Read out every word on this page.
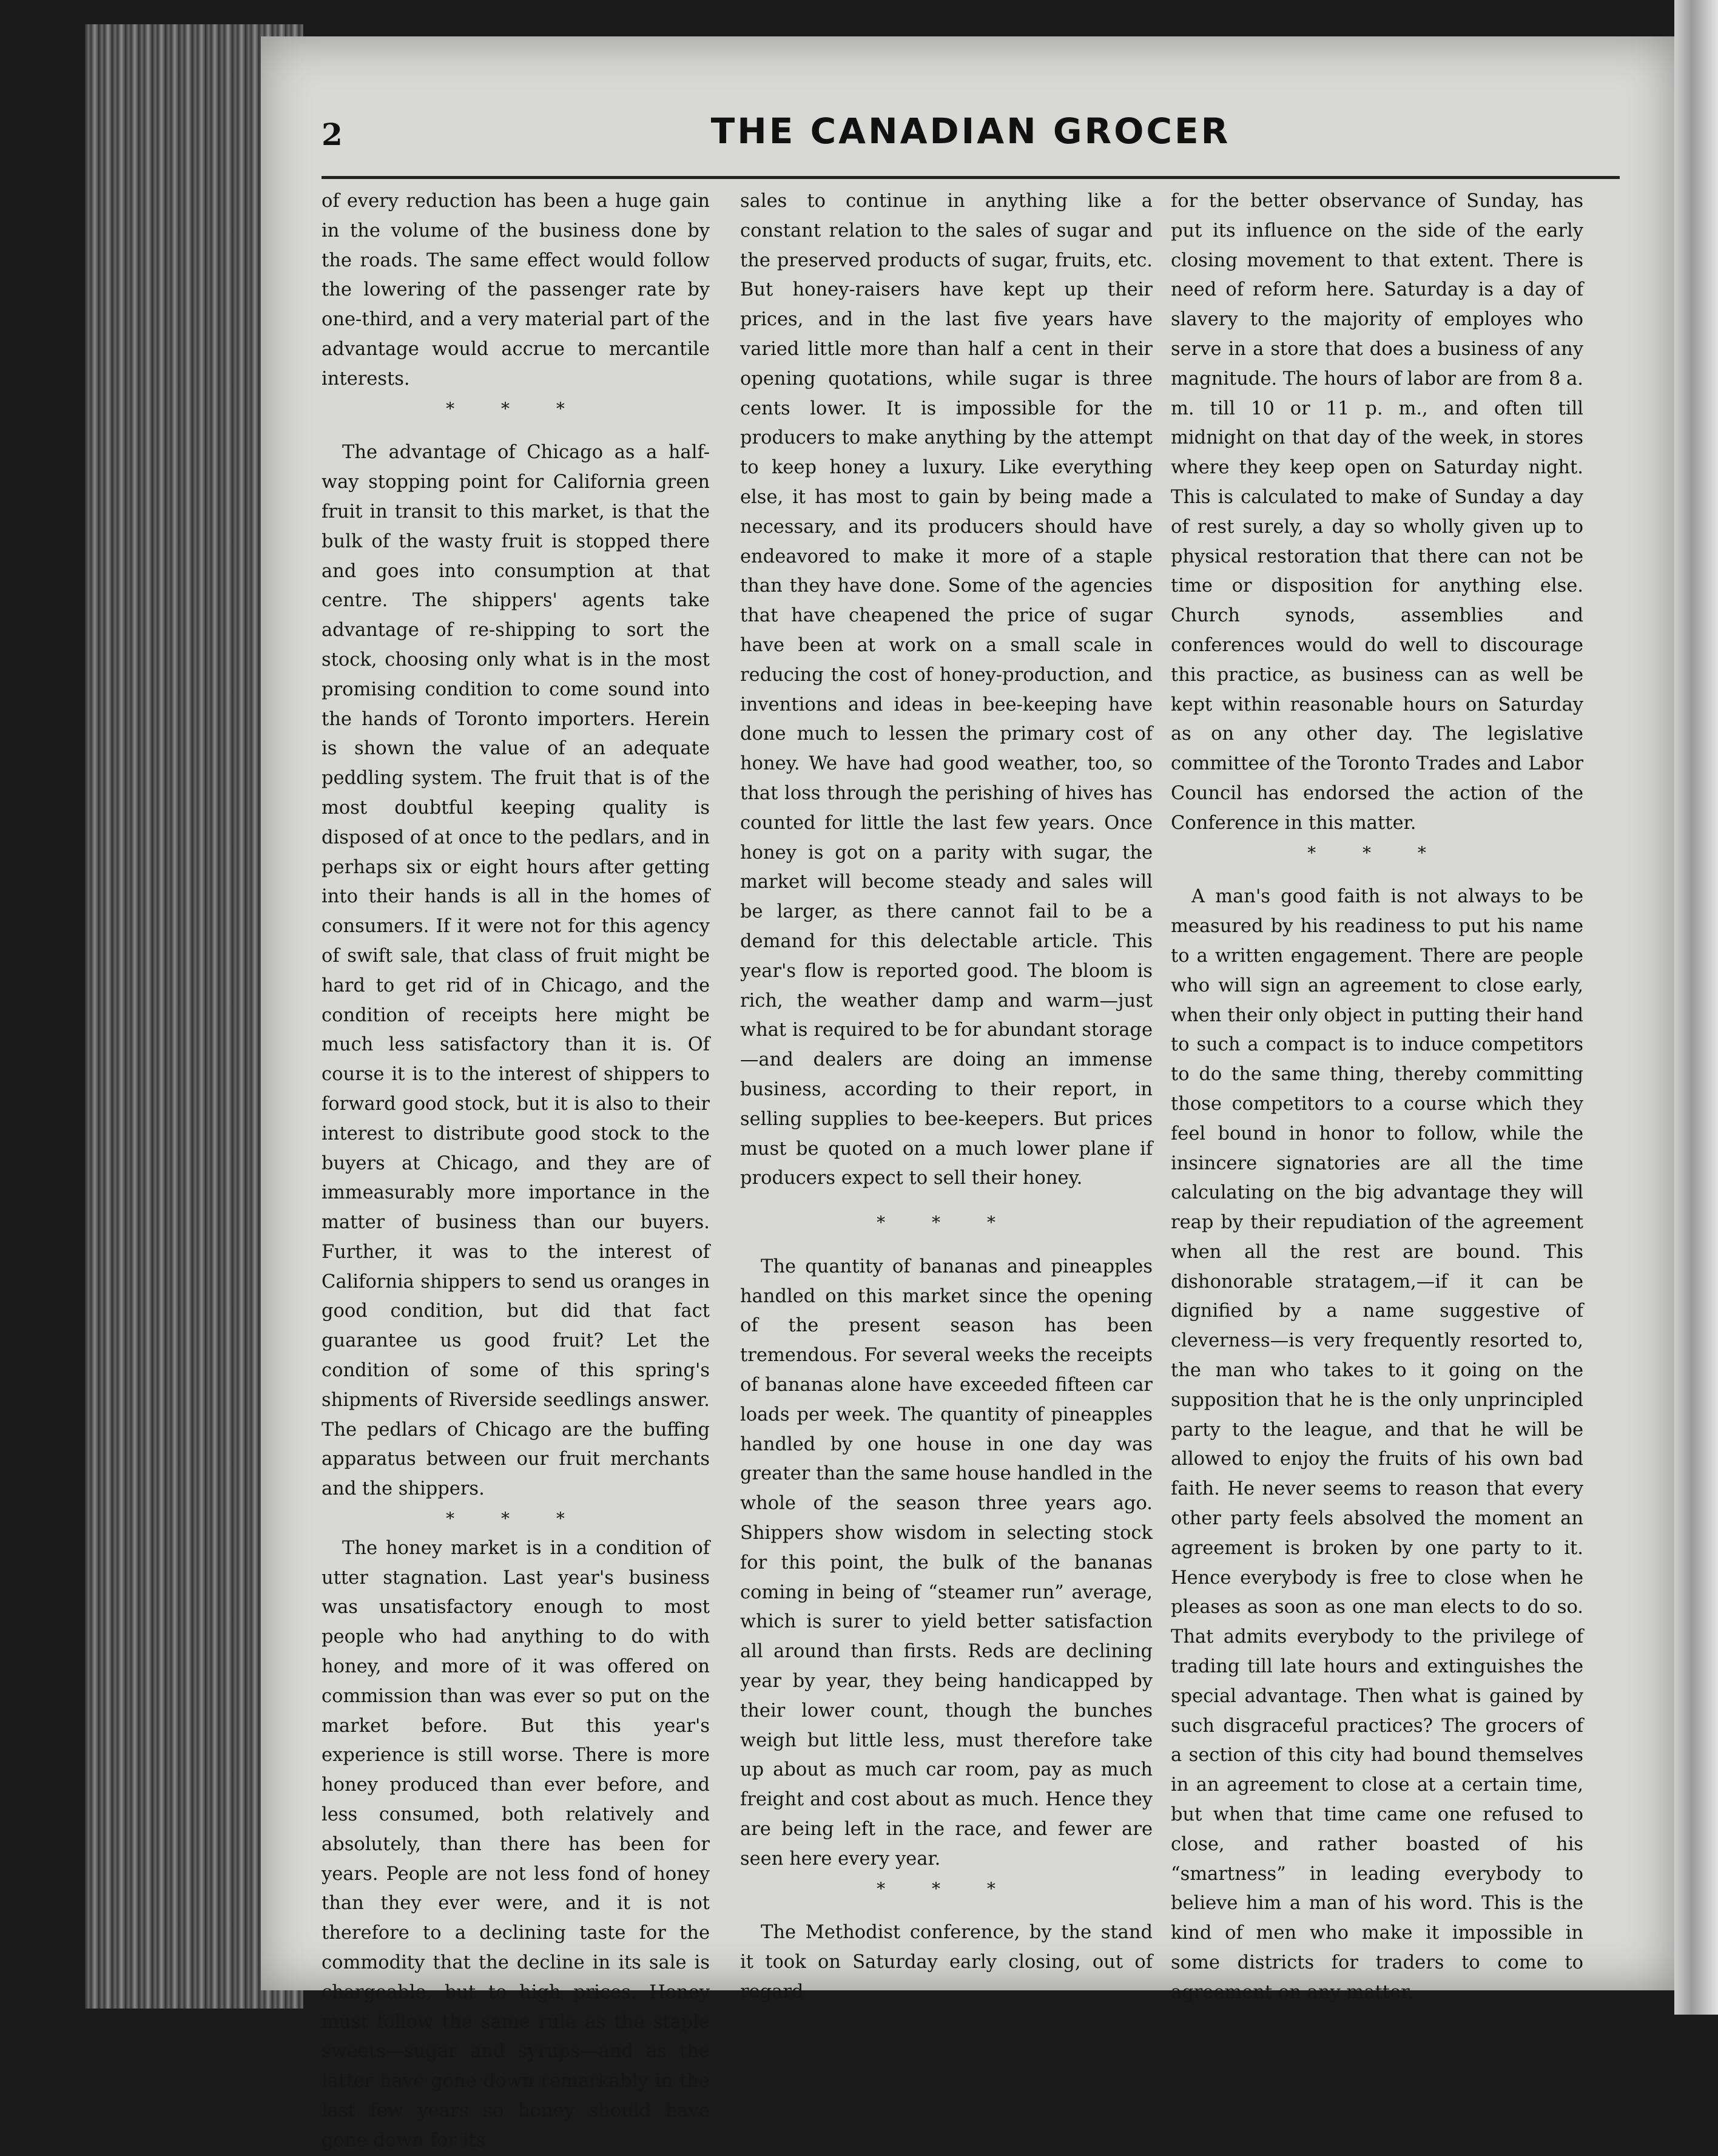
2	THE CANADIAN GROCER

of every reduction has been a huge gain in the volume of the business done by the roads. The same effect would follow the lowering of the passenger rate by one-third, and a very material part of the advantage would accrue to mercantile interests.

* * *

The advantage of Chicago as a half-way stopping point for California green fruit in transit to this market, is that the bulk of the wasty fruit is stopped there and goes into consumption at that centre. The shippers' agents take advantage of re-shipping to sort the stock, choosing only what is in the most promising condition to come sound into the hands of Toronto importers. Herein is shown the value of an adequate peddling system. The fruit that is of the most doubtful keeping quality is disposed of at once to the pedlars, and in perhaps six or eight hours after getting into their hands is all in the homes of consumers. If it were not for this agency of swift sale, that class of fruit might be hard to get rid of in Chicago, and the condition of receipts here might be much less satisfactory than it is. Of course it is to the interest of shippers to forward good stock, but it is also to their interest to distribute good stock to the buyers at Chicago, and they are of immeasurably more importance in the matter of business than our buyers. Further, it was to the interest of California shippers to send us oranges in good condition, but did that fact guarantee us good fruit? Let the condition of some of this spring's shipments of Riverside seedlings answer. The pedlars of Chicago are the buffing apparatus between our fruit merchants and the shippers.

* * *

The honey market is in a condition of utter stagnation. Last year's business was unsatisfactory enough to most people who had anything to do with honey, and more of it was offered on commission than was ever so put on the market before. But this year's experience is still worse. There is more honey produced than ever before, and less consumed, both relatively and absolutely, than there has been for years. People are not less fond of honey than they ever were, and it is not therefore to a declining taste for the commodity that the decline in its sale is chargeable, but to high prices. Honey must follow the same rule as the staple sweets—sugar and syrups—and as the latter have gone down remarkably in the last few years so honey should have gone down for its

sales to continue in anything like a constant relation to the sales of sugar and the preserved products of sugar, fruits, etc. But honey-raisers have kept up their prices, and in the last five years have varied little more than half a cent in their opening quotations, while sugar is three cents lower. It is impossible for the producers to make anything by the attempt to keep honey a luxury. Like everything else, it has most to gain by being made a necessary, and its producers should have endeavored to make it more of a staple than they have done. Some of the agencies that have cheapened the price of sugar have been at work on a small scale in reducing the cost of honey-production, and inventions and ideas in bee-keeping have done much to lessen the primary cost of honey. We have had good weather, too, so that loss through the perishing of hives has counted for little the last few years. Once honey is got on a parity with sugar, the market will become steady and sales will be larger, as there cannot fail to be a demand for this delectable article. This year's flow is reported good. The bloom is rich, the weather damp and warm—just what is required to be for abundant storage—and dealers are doing an immense business, according to their report, in selling supplies to bee-keepers. But prices must be quoted on a much lower plane if producers expect to sell their honey.

* * *

The quantity of bananas and pineapples handled on this market since the opening of the present season has been tremendous. For several weeks the receipts of bananas alone have exceeded fifteen car loads per week. The quantity of pineapples handled by one house in one day was greater than the same house handled in the whole of the season three years ago. Shippers show wisdom in selecting stock for this point, the bulk of the bananas coming in being of “steamer run” average, which is surer to yield better satisfaction all around than firsts. Reds are declining year by year, they being handicapped by their lower count, though the bunches weigh but little less, must therefore take up about as much car room, pay as much freight and cost about as much. Hence they are being left in the race, and fewer are seen here every year.

* * *

The Methodist conference, by the stand it took on Saturday early closing, out of regard

for the better observance of Sunday, has put its influence on the side of the early closing movement to that extent. There is need of reform here. Saturday is a day of slavery to the majority of employes who serve in a store that does a business of any magnitude. The hours of labor are from 8 a. m. till 10 or 11 p. m., and often till midnight on that day of the week, in stores where they keep open on Saturday night. This is calculated to make of Sunday a day of rest surely, a day so wholly given up to physical restoration that there can not be time or disposition for anything else. Church synods, assemblies and conferences would do well to discourage this practice, as business can as well be kept within reasonable hours on Saturday as on any other day. The legislative committee of the Toronto Trades and Labor Council has endorsed the action of the Conference in this matter.

* * *

A man's good faith is not always to be measured by his readiness to put his name to a written engagement. There are people who will sign an agreement to close early, when their only object in putting their hand to such a compact is to induce competitors to do the same thing, thereby committing those competitors to a course which they feel bound in honor to follow, while the insincere signatories are all the time calculating on the big advantage they will reap by their repudiation of the agreement when all the rest are bound. This dishonorable stratagem,—if it can be dignified by a name suggestive of cleverness—is very frequently resorted to, the man who takes to it going on the supposition that he is the only unprincipled party to the league, and that he will be allowed to enjoy the fruits of his own bad faith. He never seems to reason that every other party feels absolved the moment an agreement is broken by one party to it. Hence everybody is free to close when he pleases as soon as one man elects to do so. That admits everybody to the privilege of trading till late hours and extinguishes the special advantage. Then what is gained by such disgraceful practices? The grocers of a section of this city had bound themselves in an agreement to close at a certain time, but when that time came one refused to close, and rather boasted of his “smartness” in leading everybody to believe him a man of his word. This is the kind of men who make it impossible in some districts for traders to come to agreement on any matter.
